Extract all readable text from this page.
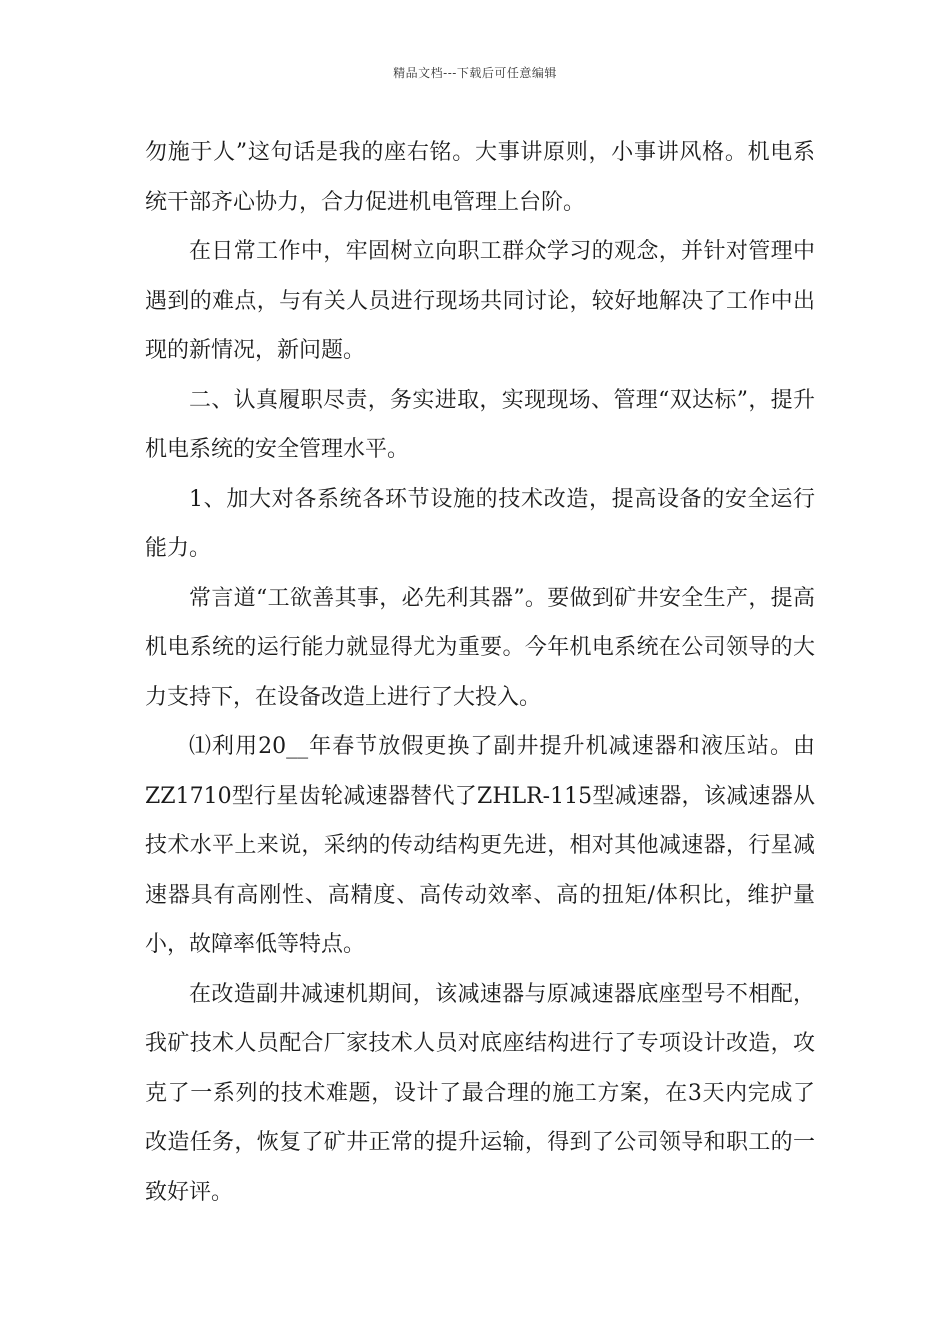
精品文档---下载后可任意编辑

勿施于人”这句话是我的座右铭。大事讲原则，小事讲风格。机电系统干部齐心协力，合力促进机电管理上台阶。

在日常工作中，牢固树立向职工群众学习的观念，并针对管理中遇到的难点，与有关人员进行现场共同讨论，较好地解决了工作中出现的新情况，新问题。

二、认真履职尽责，务实进取，实现现场、管理“双达标”，提升机电系统的安全管理水平。

1、加大对各系统各环节设施的技术改造，提高设备的安全运行能力。

常言道“工欲善其事，必先利其器”。要做到矿井安全生产，提高机电系统的运行能力就显得尤为重要。今年机电系统在公司领导的大力支持下，在设备改造上进行了大投入。

⑴利用20__年春节放假更换了副井提升机减速器和液压站。由ZZ1710型行星齿轮减速器替代了ZHLR-115型减速器，该减速器从技术水平上来说，采纳的传动结构更先进，相对其他减速器，行星减速器具有高刚性、高精度、高传动效率、高的扭矩/体积比，维护量小，故障率低等特点。

在改造副井减速机期间，该减速器与原减速器底座型号不相配，我矿技术人员配合厂家技术人员对底座结构进行了专项设计改造，攻克了一系列的技术难题，设计了最合理的施工方案，在3天内完成了改造任务，恢复了矿井正常的提升运输，得到了公司领导和职工的一致好评。
